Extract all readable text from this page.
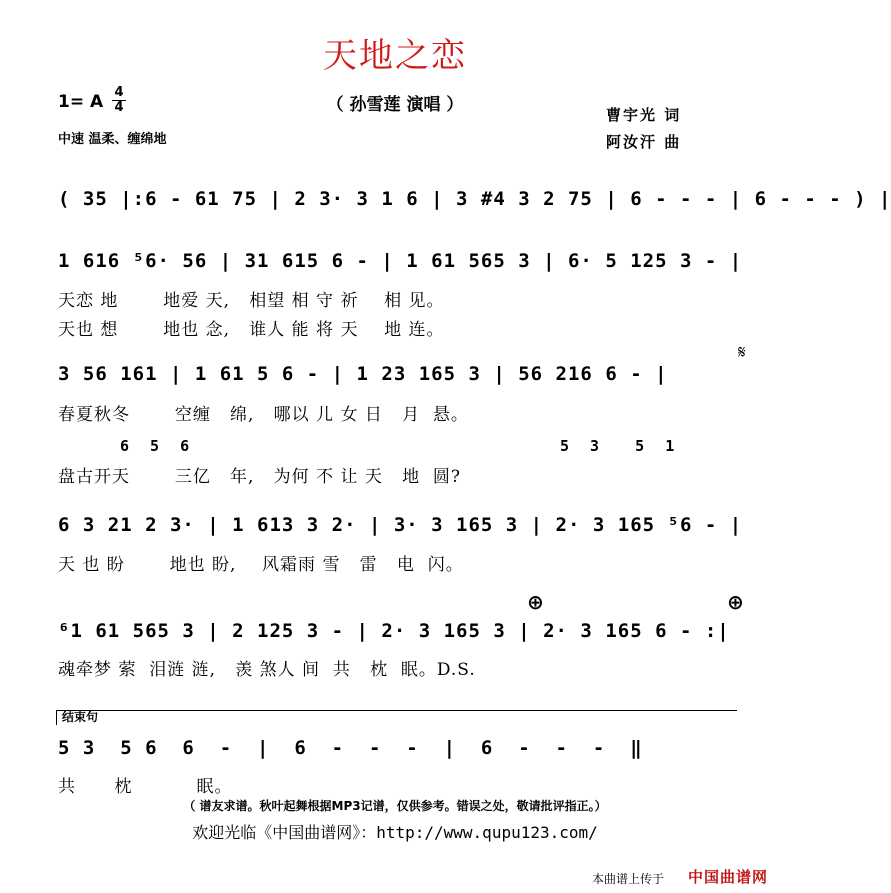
天地之恋
（ 孙雪莲 演唱 ）
1= A 4
4
中速 温柔、缠绵地
曹宇光 词
阿汝汗 曲
( 35 |:6 - 61 75 | 2 3· 3 1 6 | 3 #4 3 2 75 | 6 - - - | 6 - - - ) |
1 616 ⁵6· 56 | 31 615 6 - | 1 61 565 3 | 6· 5 125 3 - |
天恋 地       地爱 天,   相望 相 守 祈    相 见。
天也 想       地也 念,   谁人 能 将 天    地 连。
3 56 161 | 1 61 5 6 - | 1 23 165 3 | 56 216 6 - |
𝄋
春夏秋冬       空缠   绵,   哪以 儿 女 日   月  悬。
6 5 6	5 3  5 1
盘古开天       三亿   年,   为何 不 让 天   地  圆?
6 3 21 2 3· | 1 613 3 2· | 3· 3 165 3 | 2· 3 165 ⁵6 - |
天 也 盼       地也 盼,    风霜雨 雪   雷   电  闪。
⊕	⊕
⁶1 61 565 3 | 2 125 3 - | 2· 3 165 3 | 2· 3 165 6 - :|
魂牵梦 萦  泪涟 涟,   羡 煞人 间  共   枕  眠。D.S.
结束句
5 3  5 6  6  -  |  6  -  -  -  |  6  -  -  -  ‖
共      枕          眠。
（ 谱友求谱。秋叶起舞根据MP3记谱，仅供参考。错误之处，敬请批评指正。）
欢迎光临《中国曲谱网》：http://www.qupu123.com/
本曲谱上传于 中国曲谱网
